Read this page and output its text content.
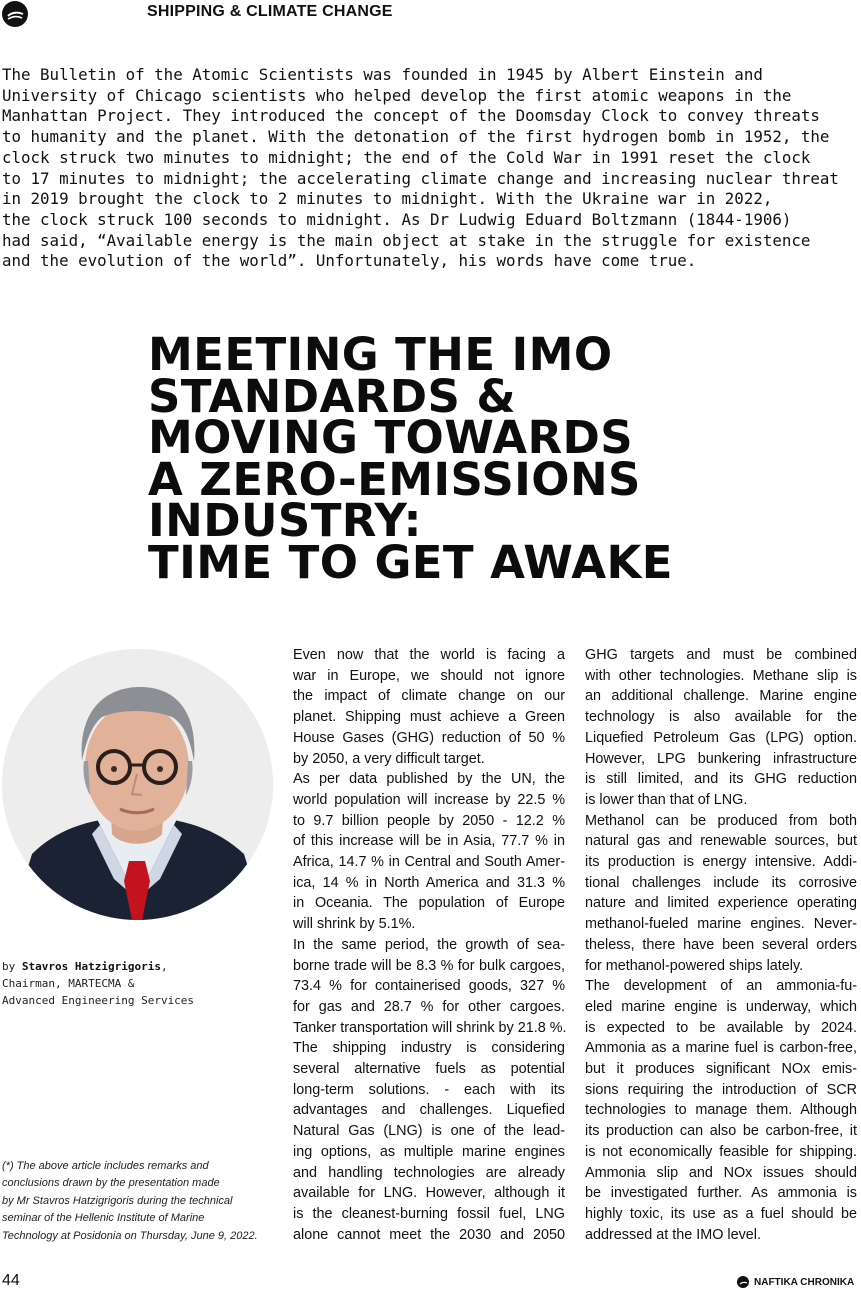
SHIPPING & CLIMATE CHANGE
The Bulletin of the Atomic Scientists was founded in 1945 by Albert Einstein and
University of Chicago scientists who helped develop the first atomic weapons in the
Manhattan Project. They introduced the concept of the Doomsday Clock to convey threats
to humanity and the planet. With the detonation of the first hydrogen bomb in 1952, the
clock struck two minutes to midnight; the end of the Cold War in 1991 reset the clock
to 17 minutes to midnight; the accelerating climate change and increasing nuclear threat
in 2019 brought the clock to 2 minutes to midnight. With the Ukraine war in 2022,
the clock struck 100 seconds to midnight. As Dr Ludwig Eduard Boltzmann (1844-1906)
had said, “Available energy is the main object at stake in the struggle for existence
and the evolution of the world”. Unfortunately, his words have come true.
MEETING THE IMO
STANDARDS &
MOVING TOWARDS
A ZERO-EMISSIONS
INDUSTRY:
TIME TO GET AWAKE
by Stavros Hatzigrigoris,
Chairman, MARTECMA &
Advanced Engineering Services
(*) The above article includes remarks and
conclusions drawn by the presentation made
by Mr Stavros Hatzigrigoris during the technical
seminar of the Hellenic Institute of Marine
Technology at Posidonia on Thursday, June 9, 2022.
Even now that the world is facing a
war in Europe, we should not ignore
the impact of climate change on our
planet. Shipping must achieve a Green
House Gases (GHG) reduction of 50 %
by 2050, a very difficult target.
As per data published by the UN, the
world population will increase by 22.5 %
to 9.7 billion people by 2050 - 12.2 %
of this increase will be in Asia, 77.7 % in
Africa, 14.7 % in Central and South Amer-
ica, 14 % in North America and 31.3 %
in Oceania. The population of Europe
will shrink by 5.1%.
In the same period, the growth of sea-
borne trade will be 8.3 % for bulk cargoes,
73.4 % for containerised goods, 327 %
for gas and 28.7 % for other cargoes.
Tanker transportation will shrink by 21.8 %.
The shipping industry is considering
several alternative fuels as potential
long-term solutions. - each with its
advantages and challenges. Liquefied
Natural Gas (LNG) is one of the lead-
ing options, as multiple marine engines
and handling technologies are already
available for LNG. However, although it
is the cleanest-burning fossil fuel, LNG
alone cannot meet the 2030 and 2050
GHG targets and must be combined
with other technologies. Methane slip is
an additional challenge. Marine engine
technology is also available for the
Liquefied Petroleum Gas (LPG) option.
However, LPG bunkering infrastructure
is still limited, and its GHG reduction
is lower than that of LNG.
Methanol can be produced from both
natural gas and renewable sources, but
its production is energy intensive. Addi-
tional challenges include its corrosive
nature and limited experience operating
methanol-fueled marine engines. Never-
theless, there have been several orders
for methanol-powered ships lately.
The development of an ammonia-fu-
eled marine engine is underway, which
is expected to be available by 2024.
Ammonia as a marine fuel is carbon-free,
but it produces significant NOx emis-
sions requiring the introduction of SCR
technologies to manage them. Although
its production can also be carbon-free, it
is not economically feasible for shipping.
Ammonia slip and NOx issues should
be investigated further. As ammonia is
highly toxic, its use as a fuel should be
addressed at the IMO level.
44	NAFTIKA CHRONIKA
